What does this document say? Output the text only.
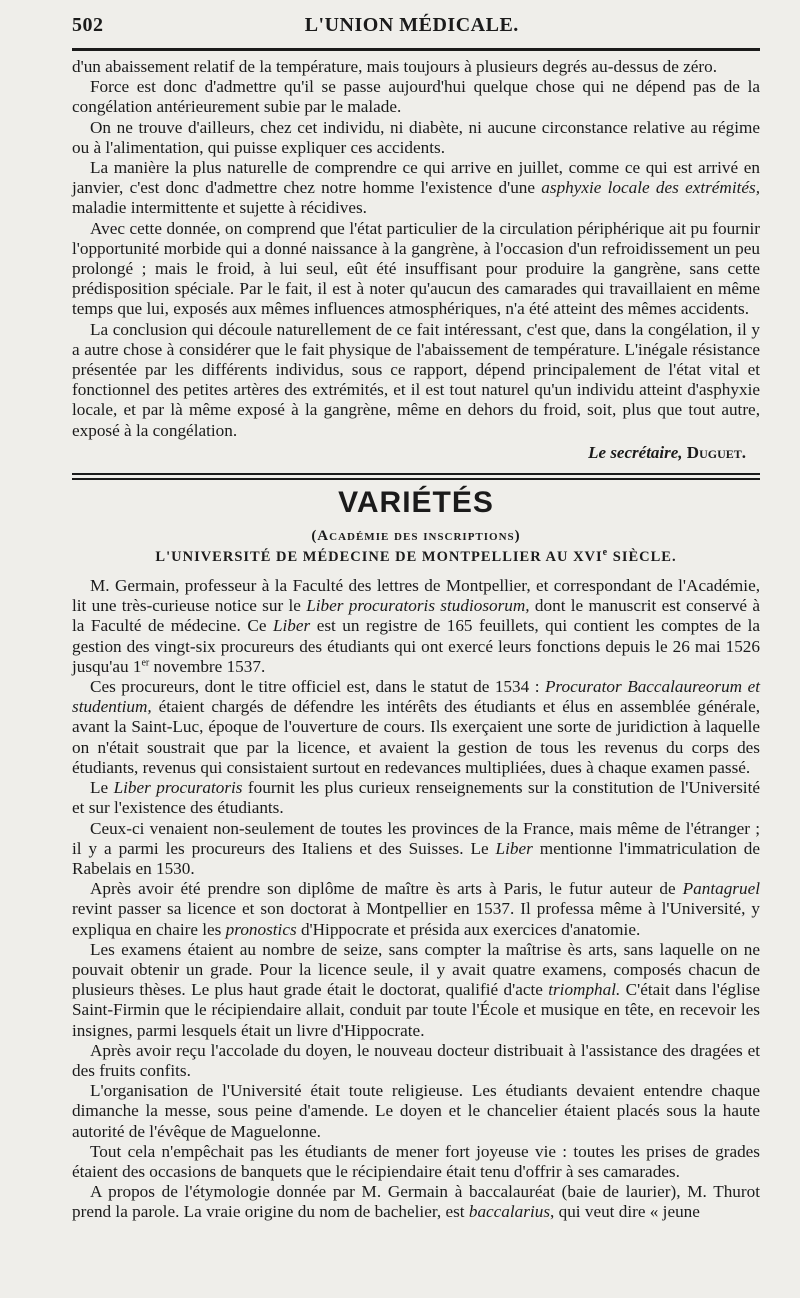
502	L'UNION MÉDICALE.

d'un abaissement relatif de la température, mais toujours à plusieurs degrés au-dessus de zéro.

Force est donc d'admettre qu'il se passe aujourd'hui quelque chose qui ne dépend pas de la congélation antérieurement subie par le malade.

On ne trouve d'ailleurs, chez cet individu, ni diabète, ni aucune circonstance relative au régime ou à l'alimentation, qui puisse expliquer ces accidents.

La manière la plus naturelle de comprendre ce qui arrive en juillet, comme ce qui est arrivé en janvier, c'est donc d'admettre chez notre homme l'existence d'une asphyxie locale des extrémités, maladie intermittente et sujette à récidives.

Avec cette donnée, on comprend que l'état particulier de la circulation périphérique ait pu fournir l'opportunité morbide qui a donné naissance à la gangrène, à l'occasion d'un refroidissement un peu prolongé ; mais le froid, à lui seul, eût été insuffisant pour produire la gangrène, sans cette prédisposition spéciale. Par le fait, il est à noter qu'aucun des camarades qui travaillaient en même temps que lui, exposés aux mêmes influences atmosphériques, n'a été atteint des mêmes accidents.

La conclusion qui découle naturellement de ce fait intéressant, c'est que, dans la congélation, il y a autre chose à considérer que le fait physique de l'abaissement de température. L'inégale résistance présentée par les différents individus, sous ce rapport, dépend principalement de l'état vital et fonctionnel des petites artères des extrémités, et il est tout naturel qu'un individu atteint d'asphyxie locale, et par là même exposé à la gangrène, même en dehors du froid, soit, plus que tout autre, exposé à la congélation.

Le secrétaire, Duguet.
VARIÉTÉS
(Académie des inscriptions)
L'UNIVERSITÉ DE MÉDECINE DE MONTPELLIER AU XVIe SIÈCLE.

M. Germain, professeur à la Faculté des lettres de Montpellier, et correspondant de l'Académie, lit une très-curieuse notice sur le Liber procuratoris studiosorum, dont le manuscrit est conservé à la Faculté de médecine. Ce Liber est un registre de 165 feuillets, qui contient les comptes de la gestion des vingt-six procureurs des étudiants qui ont exercé leurs fonctions depuis le 26 mai 1526 jusqu'au 1er novembre 1537.

Ces procureurs, dont le titre officiel est, dans le statut de 1534 : Procurator Baccalaureorum et studentium, étaient chargés de défendre les intérêts des étudiants et élus en assemblée générale, avant la Saint-Luc, époque de l'ouverture de cours. Ils exerçaient une sorte de juridiction à laquelle on n'était soustrait que par la licence, et avaient la gestion de tous les revenus du corps des étudiants, revenus qui consistaient surtout en redevances multipliées, dues à chaque examen passé.

Le Liber procuratoris fournit les plus curieux renseignements sur la constitution de l'Université et sur l'existence des étudiants.

Ceux-ci venaient non-seulement de toutes les provinces de la France, mais même de l'étranger ; il y a parmi les procureurs des Italiens et des Suisses. Le Liber mentionne l'immatriculation de Rabelais en 1530.

Après avoir été prendre son diplôme de maître ès arts à Paris, le futur auteur de Pantagruel revint passer sa licence et son doctorat à Montpellier en 1537. Il professa même à l'Université, y expliqua en chaire les pronostics d'Hippocrate et présida aux exercices d'anatomie.

Les examens étaient au nombre de seize, sans compter la maîtrise ès arts, sans laquelle on ne pouvait obtenir un grade. Pour la licence seule, il y avait quatre examens, composés chacun de plusieurs thèses. Le plus haut grade était le doctorat, qualifié d'acte triomphal. C'était dans l'église Saint-Firmin que le récipiendaire allait, conduit par toute l'École et musique en tête, en recevoir les insignes, parmi lesquels était un livre d'Hippocrate.

Après avoir reçu l'accolade du doyen, le nouveau docteur distribuait à l'assistance des dragées et des fruits confits.

L'organisation de l'Université était toute religieuse. Les étudiants devaient entendre chaque dimanche la messe, sous peine d'amende. Le doyen et le chancelier étaient placés sous la haute autorité de l'évêque de Maguelonne.

Tout cela n'empêchait pas les étudiants de mener fort joyeuse vie : toutes les prises de grades étaient des occasions de banquets que le récipiendaire était tenu d'offrir à ses camarades.

A propos de l'étymologie donnée par M. Germain à baccalauréat (baie de laurier), M. Thurot prend la parole. La vraie origine du nom de bachelier, est baccalarius, qui veut dire « jeune
